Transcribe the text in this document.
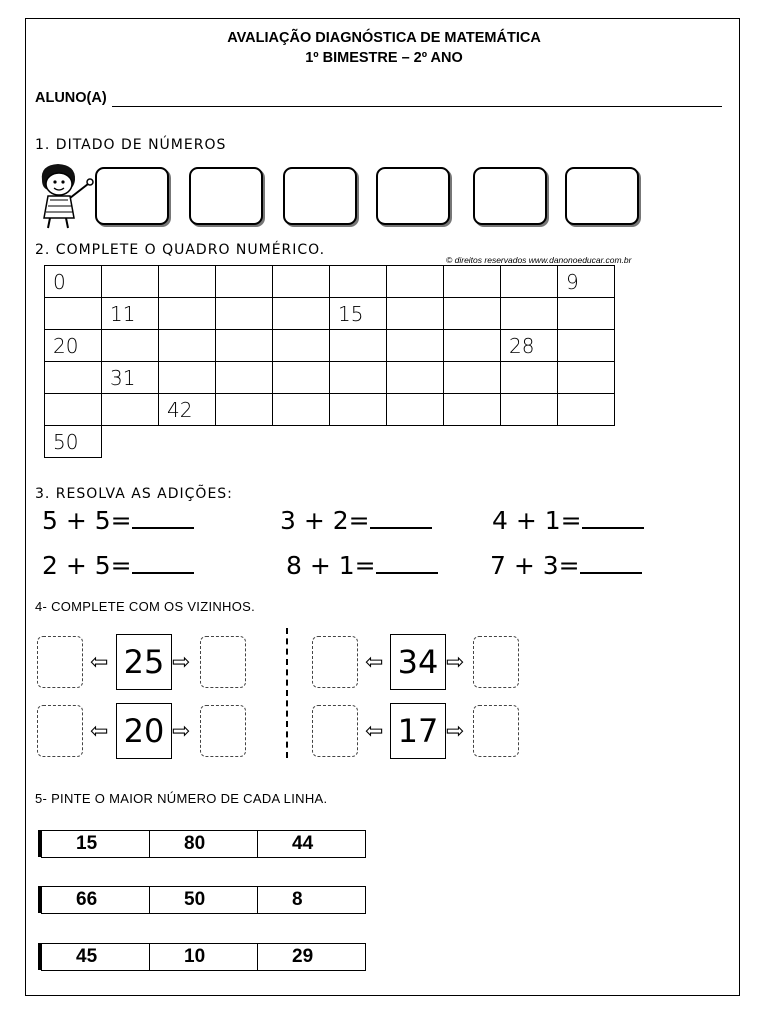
AVALIAÇÃO DIAGNÓSTICA DE MATEMÁTICA
1º BIMESTRE – 2º ANO
ALUNO(A)
1. DITADO DE NÚMEROS
2. COMPLETE O QUADRO NUMÉRICO.
© direitos reservados www.danonoeducar.com.br
0									9
	11				15				
20								28	
	31								
		42							
50									
3. RESOLVA AS ADIÇÕES:
5 + 5=	3 + 2=	4 + 1=
2 + 5=	8 + 1=	7 + 3=
4- COMPLETE COM OS VIZINHOS.
⇦ 25 ⇨	⇦ 34 ⇨
⇦ 20 ⇨	⇦ 17 ⇨
5- PINTE O MAIOR NÚMERO DE CADA LINHA.
15	80	44
66	50	8
45	10	29
